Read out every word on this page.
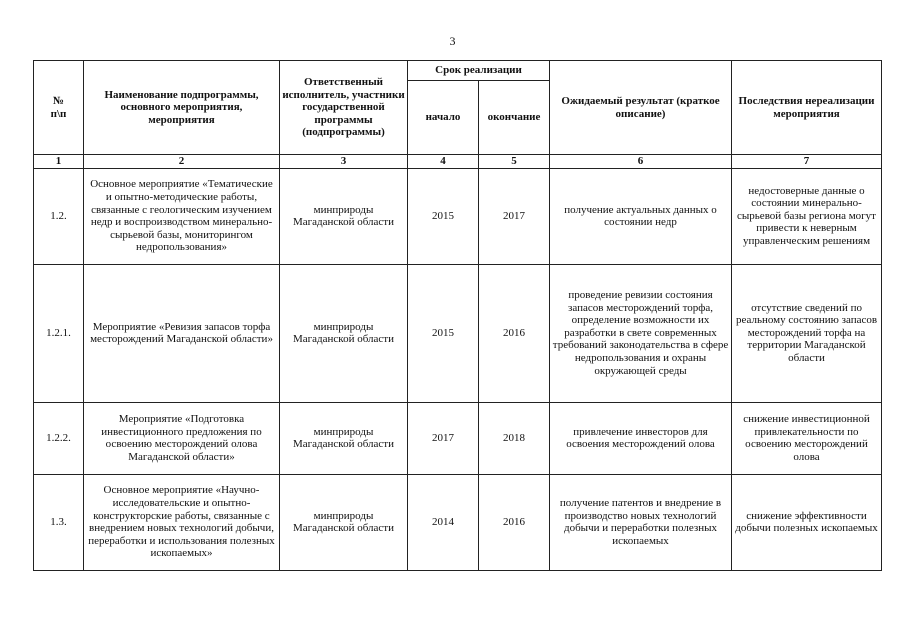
3
№
п\п	Наименование подпрограммы, основного мероприятия, мероприятия	Ответственный исполнитель, участники государственной программы (подпрограммы)	Срок реализации		Ожидаемый результат (краткое описание)	Последствия нереализации мероприятия
			начало	окончание		
1	2	3	4	5	6	7
1.2.	Основное мероприятие «Тематические и опытно-методические работы, связанные с геологическим изучением недр и воспроизводством минерально-сырьевой базы, мониторингом недропользования»	минприроды Магаданской области	2015	2017	получение актуальных данных о состоянии недр	недостоверные данные о состоянии минерально-сырьевой базы региона могут привести к неверным управленческим решениям
1.2.1.	Мероприятие «Ревизия запасов торфа месторождений Магаданской области»	минприроды Магаданской области	2015	2016	проведение ревизии состояния запасов месторождений торфа, определение возможности их разработки в свете современных требований законодательства в сфере недропользования и охраны окружающей среды	отсутствие сведений по реальному состоянию запасов месторождений торфа на территории Магаданской области
1.2.2.	Мероприятие «Подготовка инвестиционного предложения по освоению месторождений олова Магаданской области»	минприроды Магаданской области	2017	2018	привлечение инвесторов для освоения месторождений олова	снижение инвестиционной привлекательности по освоению месторождений олова
1.3.	Основное мероприятие «Научно-исследовательские и опытно-конструкторские работы, связанные с внедрением новых технологий добычи, переработки и использования полезных ископаемых»	минприроды Магаданской области	2014	2016	получение патентов и внедрение в производство новых технологий добычи и переработки полезных ископаемых	снижение эффективности добычи полезных ископаемых
